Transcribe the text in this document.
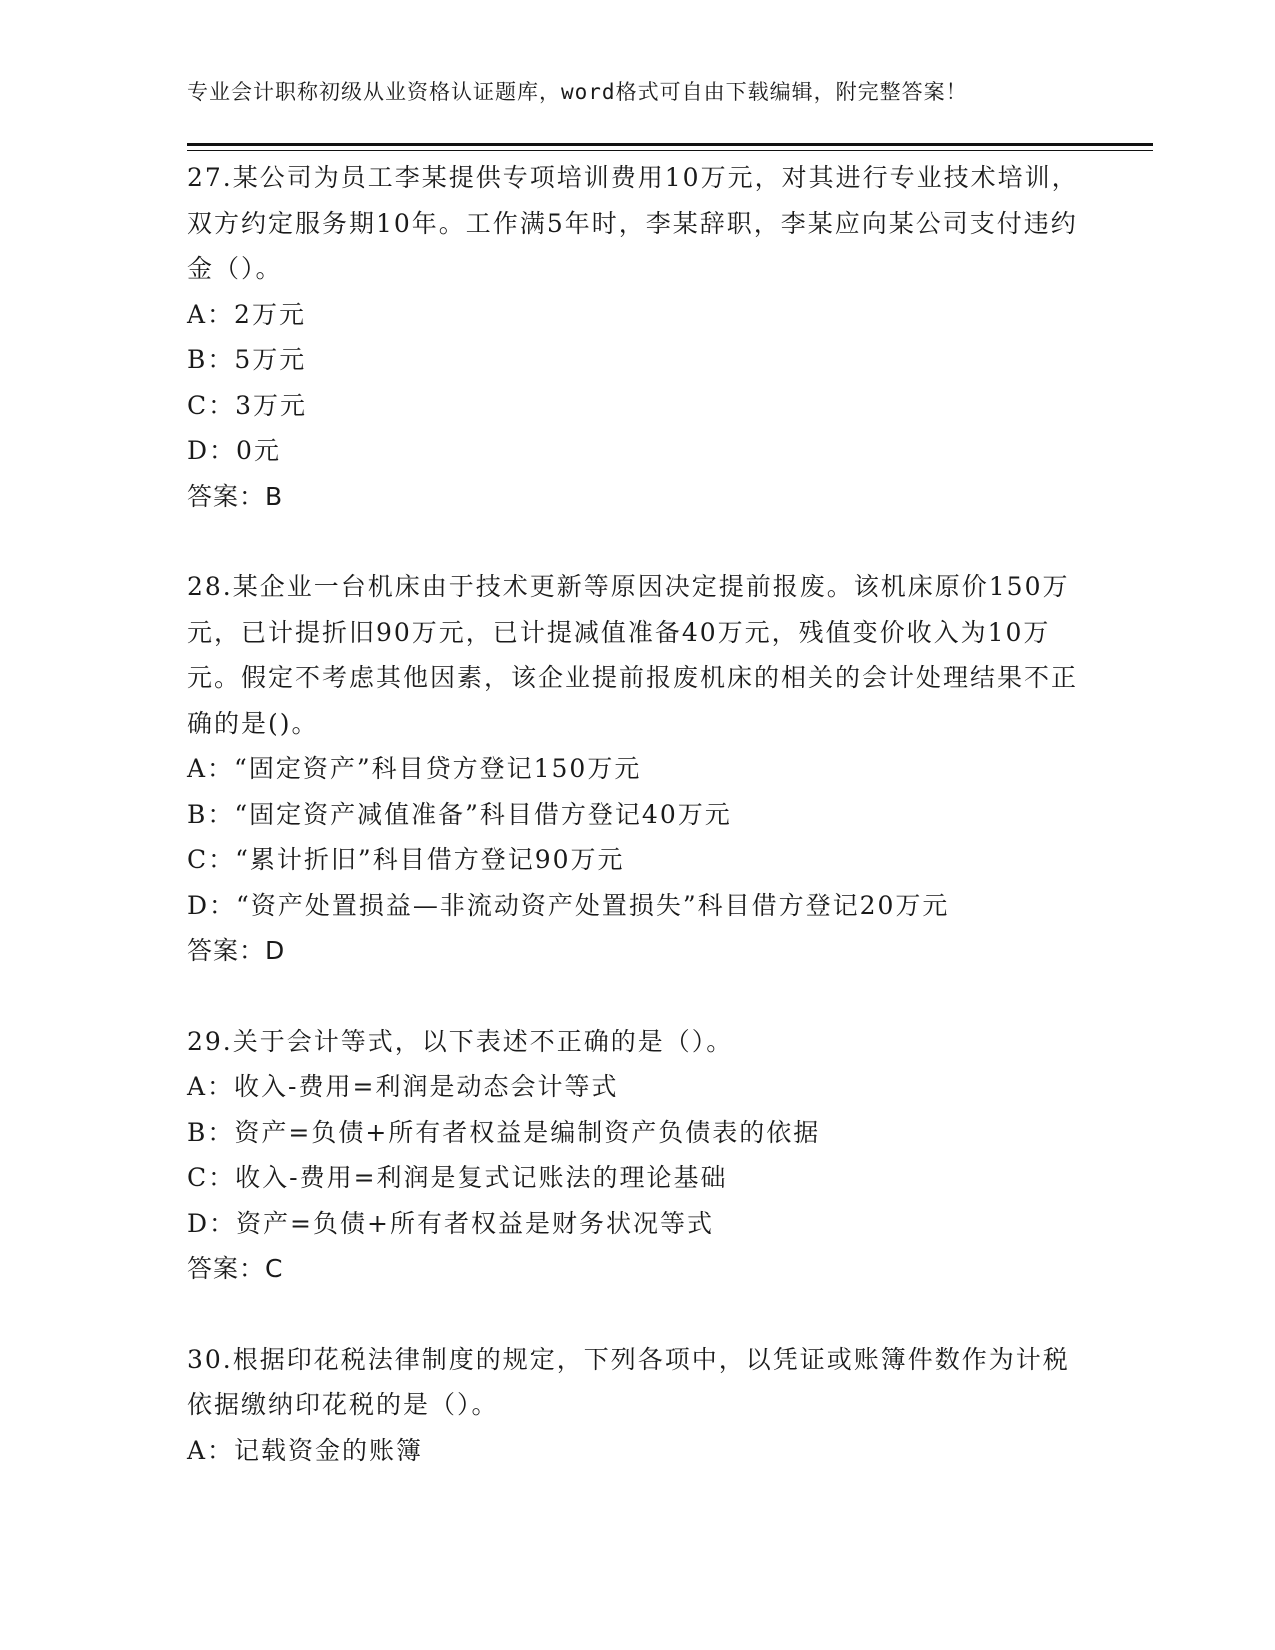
专业会计职称初级从业资格认证题库，word格式可自由下载编辑，附完整答案！

27.某公司为员工李某提供专项培训费用10万元，对其进行专业技术培训，双方约定服务期10年。工作满5年时，李某辞职，李某应向某公司支付违约金（）。

A：2万元

B：5万元

C：3万元

D：0元

答案：B

28.某企业一台机床由于技术更新等原因决定提前报废。该机床原价150万元，已计提折旧90万元，已计提减值准备40万元，残值变价收入为10万元。假定不考虑其他因素，该企业提前报废机床的相关的会计处理结果不正确的是()。

A：“固定资产”科目贷方登记150万元

B：“固定资产减值准备”科目借方登记40万元

C：“累计折旧”科目借方登记90万元

D：“资产处置损益—非流动资产处置损失”科目借方登记20万元

答案：D

29.关于会计等式，以下表述不正确的是（）。

A：收入-费用=利润是动态会计等式

B：资产=负债+所有者权益是编制资产负债表的依据

C：收入-费用=利润是复式记账法的理论基础

D：资产=负债+所有者权益是财务状况等式

答案：C

30.根据印花税法律制度的规定，下列各项中，以凭证或账簿件数作为计税依据缴纳印花税的是（）。

A：记载资金的账簿
